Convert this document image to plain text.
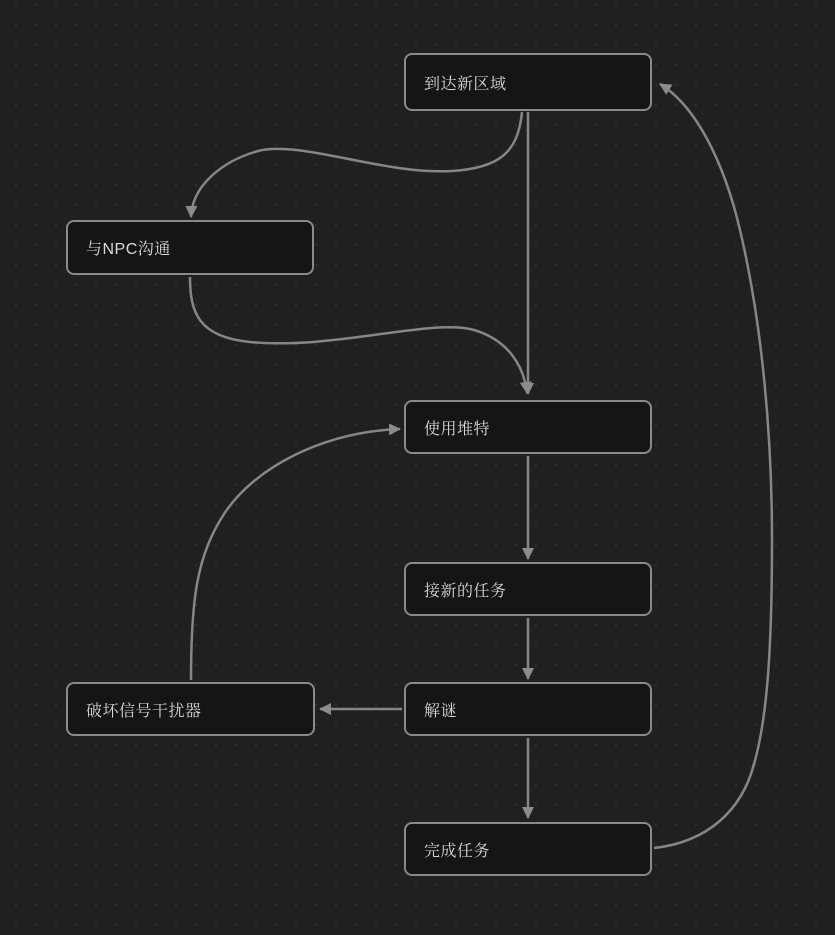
到达新区域
与NPC沟通
使用堆特
接新的任务
解谜
破坏信号干扰器
完成任务
